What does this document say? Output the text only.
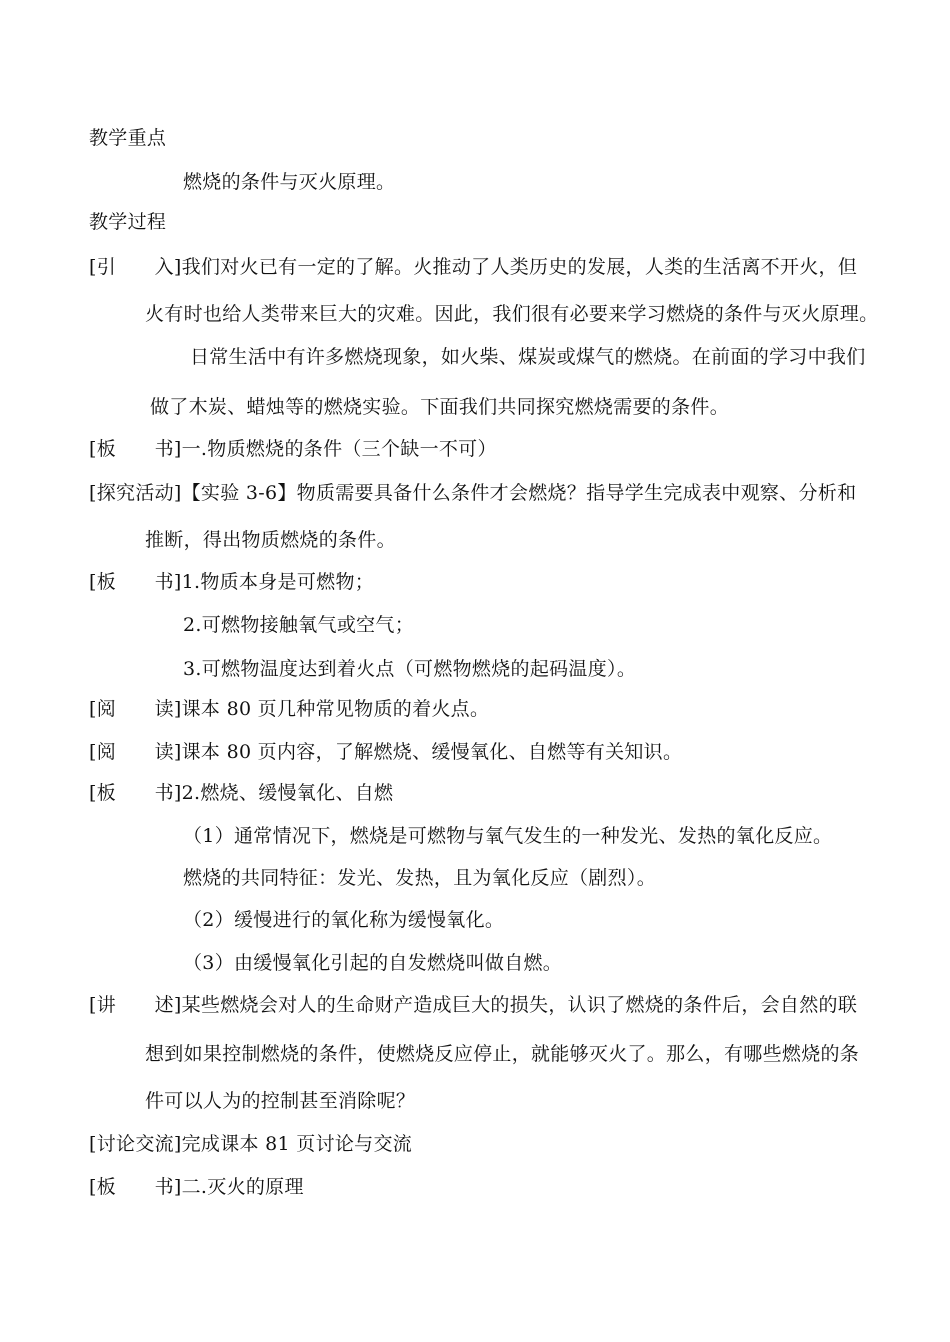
教学重点
燃烧的条件与灭火原理。
教学过程
[引　　入]我们对火已有一定的了解。火推动了人类历史的发展，人类的生活离不开火，但
火有时也给人类带来巨大的灾难。因此，我们很有必要来学习燃烧的条件与灭火原理。
日常生活中有许多燃烧现象，如火柴、煤炭或煤气的燃烧。在前面的学习中我们
做了木炭、蜡烛等的燃烧实验。下面我们共同探究燃烧需要的条件。
[板　　书]一.物质燃烧的条件（三个缺一不可）
[探究活动]【实验 3-6】物质需要具备什么条件才会燃烧？指导学生完成表中观察、分析和
推断，得出物质燃烧的条件。
[板　　书]1.物质本身是可燃物；
2.可燃物接触氧气或空气；
3.可燃物温度达到着火点（可燃物燃烧的起码温度）。
[阅　　读]课本 80 页几种常见物质的着火点。
[阅　　读]课本 80 页内容，了解燃烧、缓慢氧化、自燃等有关知识。
[板　　书]2.燃烧、缓慢氧化、自燃
（1）通常情况下，燃烧是可燃物与氧气发生的一种发光、发热的氧化反应。
燃烧的共同特征：发光、发热，且为氧化反应（剧烈）。
（2）缓慢进行的氧化称为缓慢氧化。
（3）由缓慢氧化引起的自发燃烧叫做自燃。
[讲　　述]某些燃烧会对人的生命财产造成巨大的损失，认识了燃烧的条件后，会自然的联
想到如果控制燃烧的条件，使燃烧反应停止，就能够灭火了。那么，有哪些燃烧的条
件可以人为的控制甚至消除呢？
[讨论交流]完成课本 81 页讨论与交流
[板　　书]二.灭火的原理
